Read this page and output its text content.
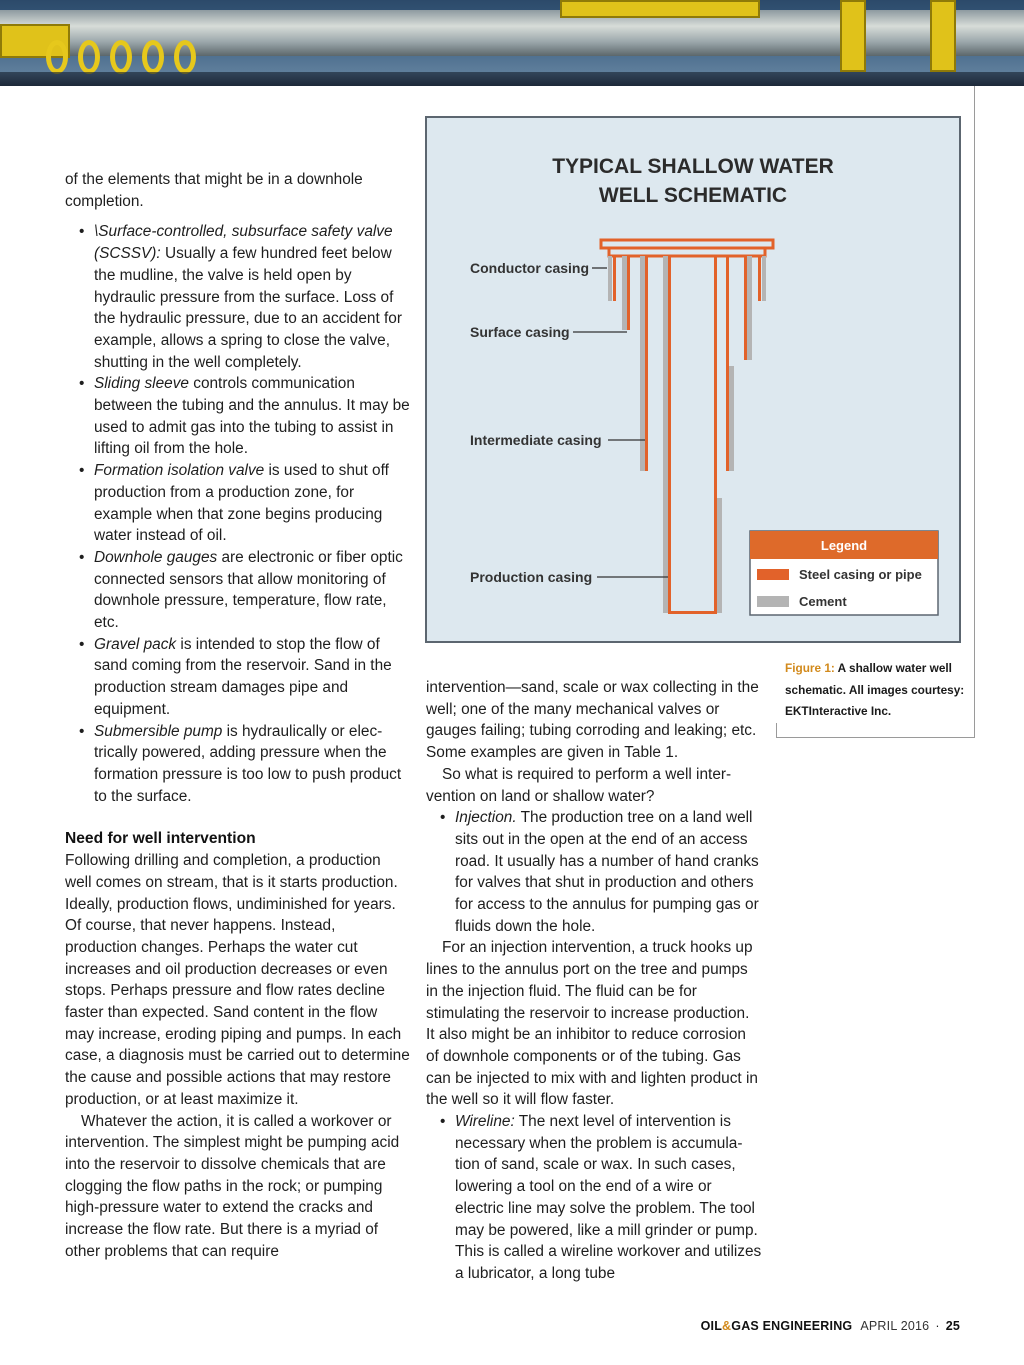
of the elements that might be in a downhole completion.

• \Surface-controlled, subsurface safety valve (SCSSV): Usually a few hundred feet below the mudline, the valve is held open by hydraulic pressure from the surface. Loss of the hydraulic pressure, due to an accident for example, allows a spring to close the valve, shutting in the well completely.
• Sliding sleeve controls communication between the tubing and the annulus. It may be used to admit gas into the tubing to assist in lifting oil from the hole.
• Formation isolation valve is used to shut off production from a production zone, for example when that zone begins producing water instead of oil.
• Downhole gauges are electronic or fiber optic connected sensors that allow monitoring of downhole pressure, temperature, flow rate, etc.
• Gravel pack is intended to stop the flow of sand coming from the reservoir. Sand in the production stream damages pipe and equipment.
• Submersible pump is hydraulically or electrically powered, adding pressure when the formation pressure is too low to push product to the surface.
Need for well intervention

Following drilling and completion, a production well comes on stream, that is it starts production. Ideally, production flows, undiminished for years. Of course, that never happens. Instead, production changes. Perhaps the water cut increases and oil production decreases or even stops. Perhaps pressure and flow rates decline faster than expected. Sand content in the flow may increase, eroding piping and pumps. In each case, a diagnosis must be carried out to determine the cause and possible actions that may restore production, or at least maximize it.

Whatever the action, it is called a workover or intervention. The simplest might be pumping acid into the reservoir to dissolve chemicals that are clogging the flow paths in the rock; or pumping high-pressure water to extend the cracks and increase the flow rate. But there is a myriad of other problems that can require

TYPICAL SHALLOW WATER
WELL SCHEMATIC
Conductor casing
Surface casing
Intermediate casing
Production casing
Legend
Steel casing or pipe
Cement
Figure 1: A shallow water well schematic. All images courtesy: EKTInteractive Inc.

intervention—sand, scale or wax collecting in the well; one of the many mechanical valves or gauges failing; tubing corroding and leaking; etc. Some examples are given in Table 1.

So what is required to perform a well intervention on land or shallow water?

• Injection. The production tree on a land well sits out in the open at the end of an access road. It usually has a number of hand cranks for valves that shut in production and others for access to the annulus for pumping gas or fluids down the hole.

For an injection intervention, a truck hooks up lines to the annulus port on the tree and pumps in the injection fluid. The fluid can be for stimulating the reservoir to increase production. It also might be an inhibitor to reduce corrosion of downhole components or of the tubing. Gas can be injected to mix with and lighten product in the well so it will flow faster.

• Wireline: The next level of intervention is necessary when the problem is accumulation of sand, scale or wax. In such cases, lowering a tool on the end of a wire or electric line may solve the problem. The tool may be powered, like a mill grinder or pump. This is called a wireline workover and utilizes a lubricator, a long tube
OIL&GAS ENGINEERING APRIL 2016 · 25
